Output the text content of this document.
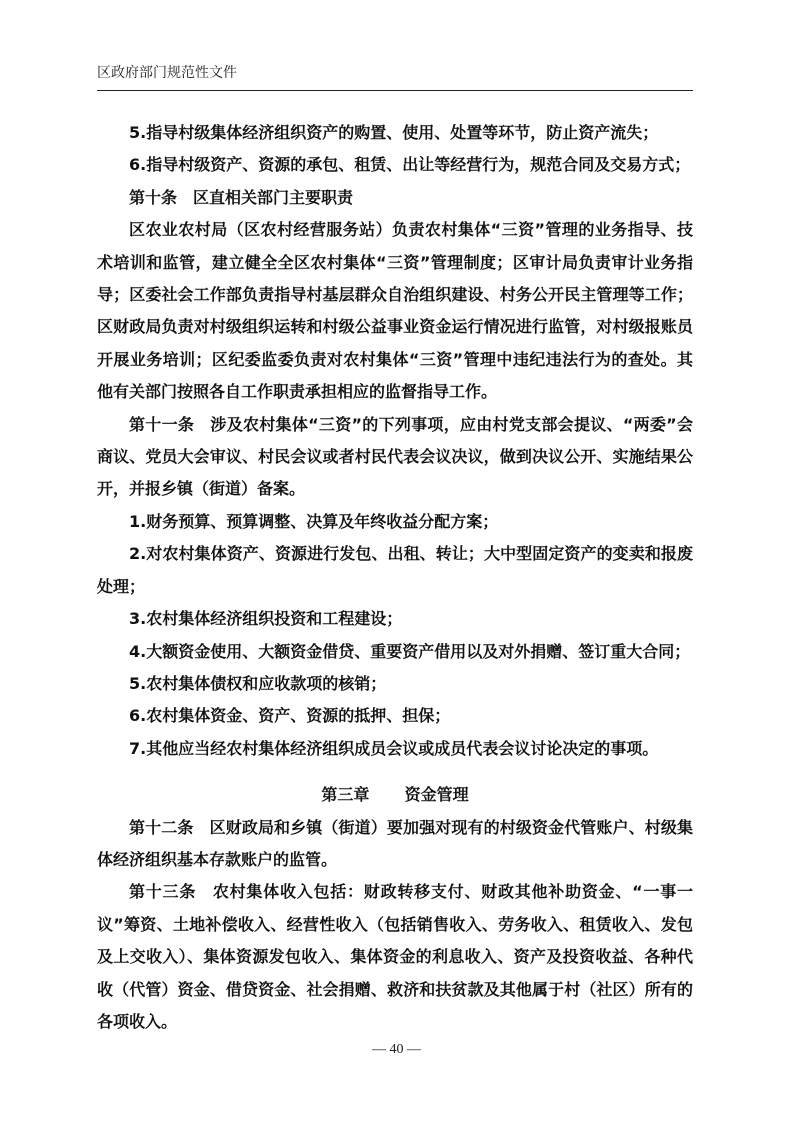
区政府部门规范性文件

5.指导村级集体经济组织资产的购置、使用、处置等环节，防止资产流失；

6.指导村级资产、资源的承包、租赁、出让等经营行为，规范合同及交易方式；

第十条　区直相关部门主要职责

区农业农村局（区农村经营服务站）负责农村集体“三资”管理的业务指导、技术培训和监管，建立健全全区农村集体“三资”管理制度；区审计局负责审计业务指导；区委社会工作部负责指导村基层群众自治组织建设、村务公开民主管理等工作；区财政局负责对村级组织运转和村级公益事业资金运行情况进行监管，对村级报账员开展业务培训；区纪委监委负责对农村集体“三资”管理中违纪违法行为的查处。其他有关部门按照各自工作职责承担相应的监督指导工作。

第十一条　涉及农村集体“三资”的下列事项，应由村党支部会提议、“两委”会商议、党员大会审议、村民会议或者村民代表会议决议，做到决议公开、实施结果公开，并报乡镇（街道）备案。

1.财务预算、预算调整、决算及年终收益分配方案；

2.对农村集体资产、资源进行发包、出租、转让；大中型固定资产的变卖和报废处理；

3.农村集体经济组织投资和工程建设；

4.大额资金使用、大额资金借贷、重要资产借用以及对外捐赠、签订重大合同；

5.农村集体债权和应收款项的核销；

6.农村集体资金、资产、资源的抵押、担保；

7.其他应当经农村集体经济组织成员会议或成员代表会议讨论决定的事项。

第三章 资金管理

第十二条　区财政局和乡镇（街道）要加强对现有的村级资金代管账户、村级集体经济组织基本存款账户的监管。

第十三条　农村集体收入包括：财政转移支付、财政其他补助资金、“一事一议”筹资、土地补偿收入、经营性收入（包括销售收入、劳务收入、租赁收入、发包及上交收入）、集体资源发包收入、集体资金的利息收入、资产及投资收益、各种代收（代管）资金、借贷资金、社会捐赠、救济和扶贫款及其他属于村（社区）所有的各项收入。

— 40 —
